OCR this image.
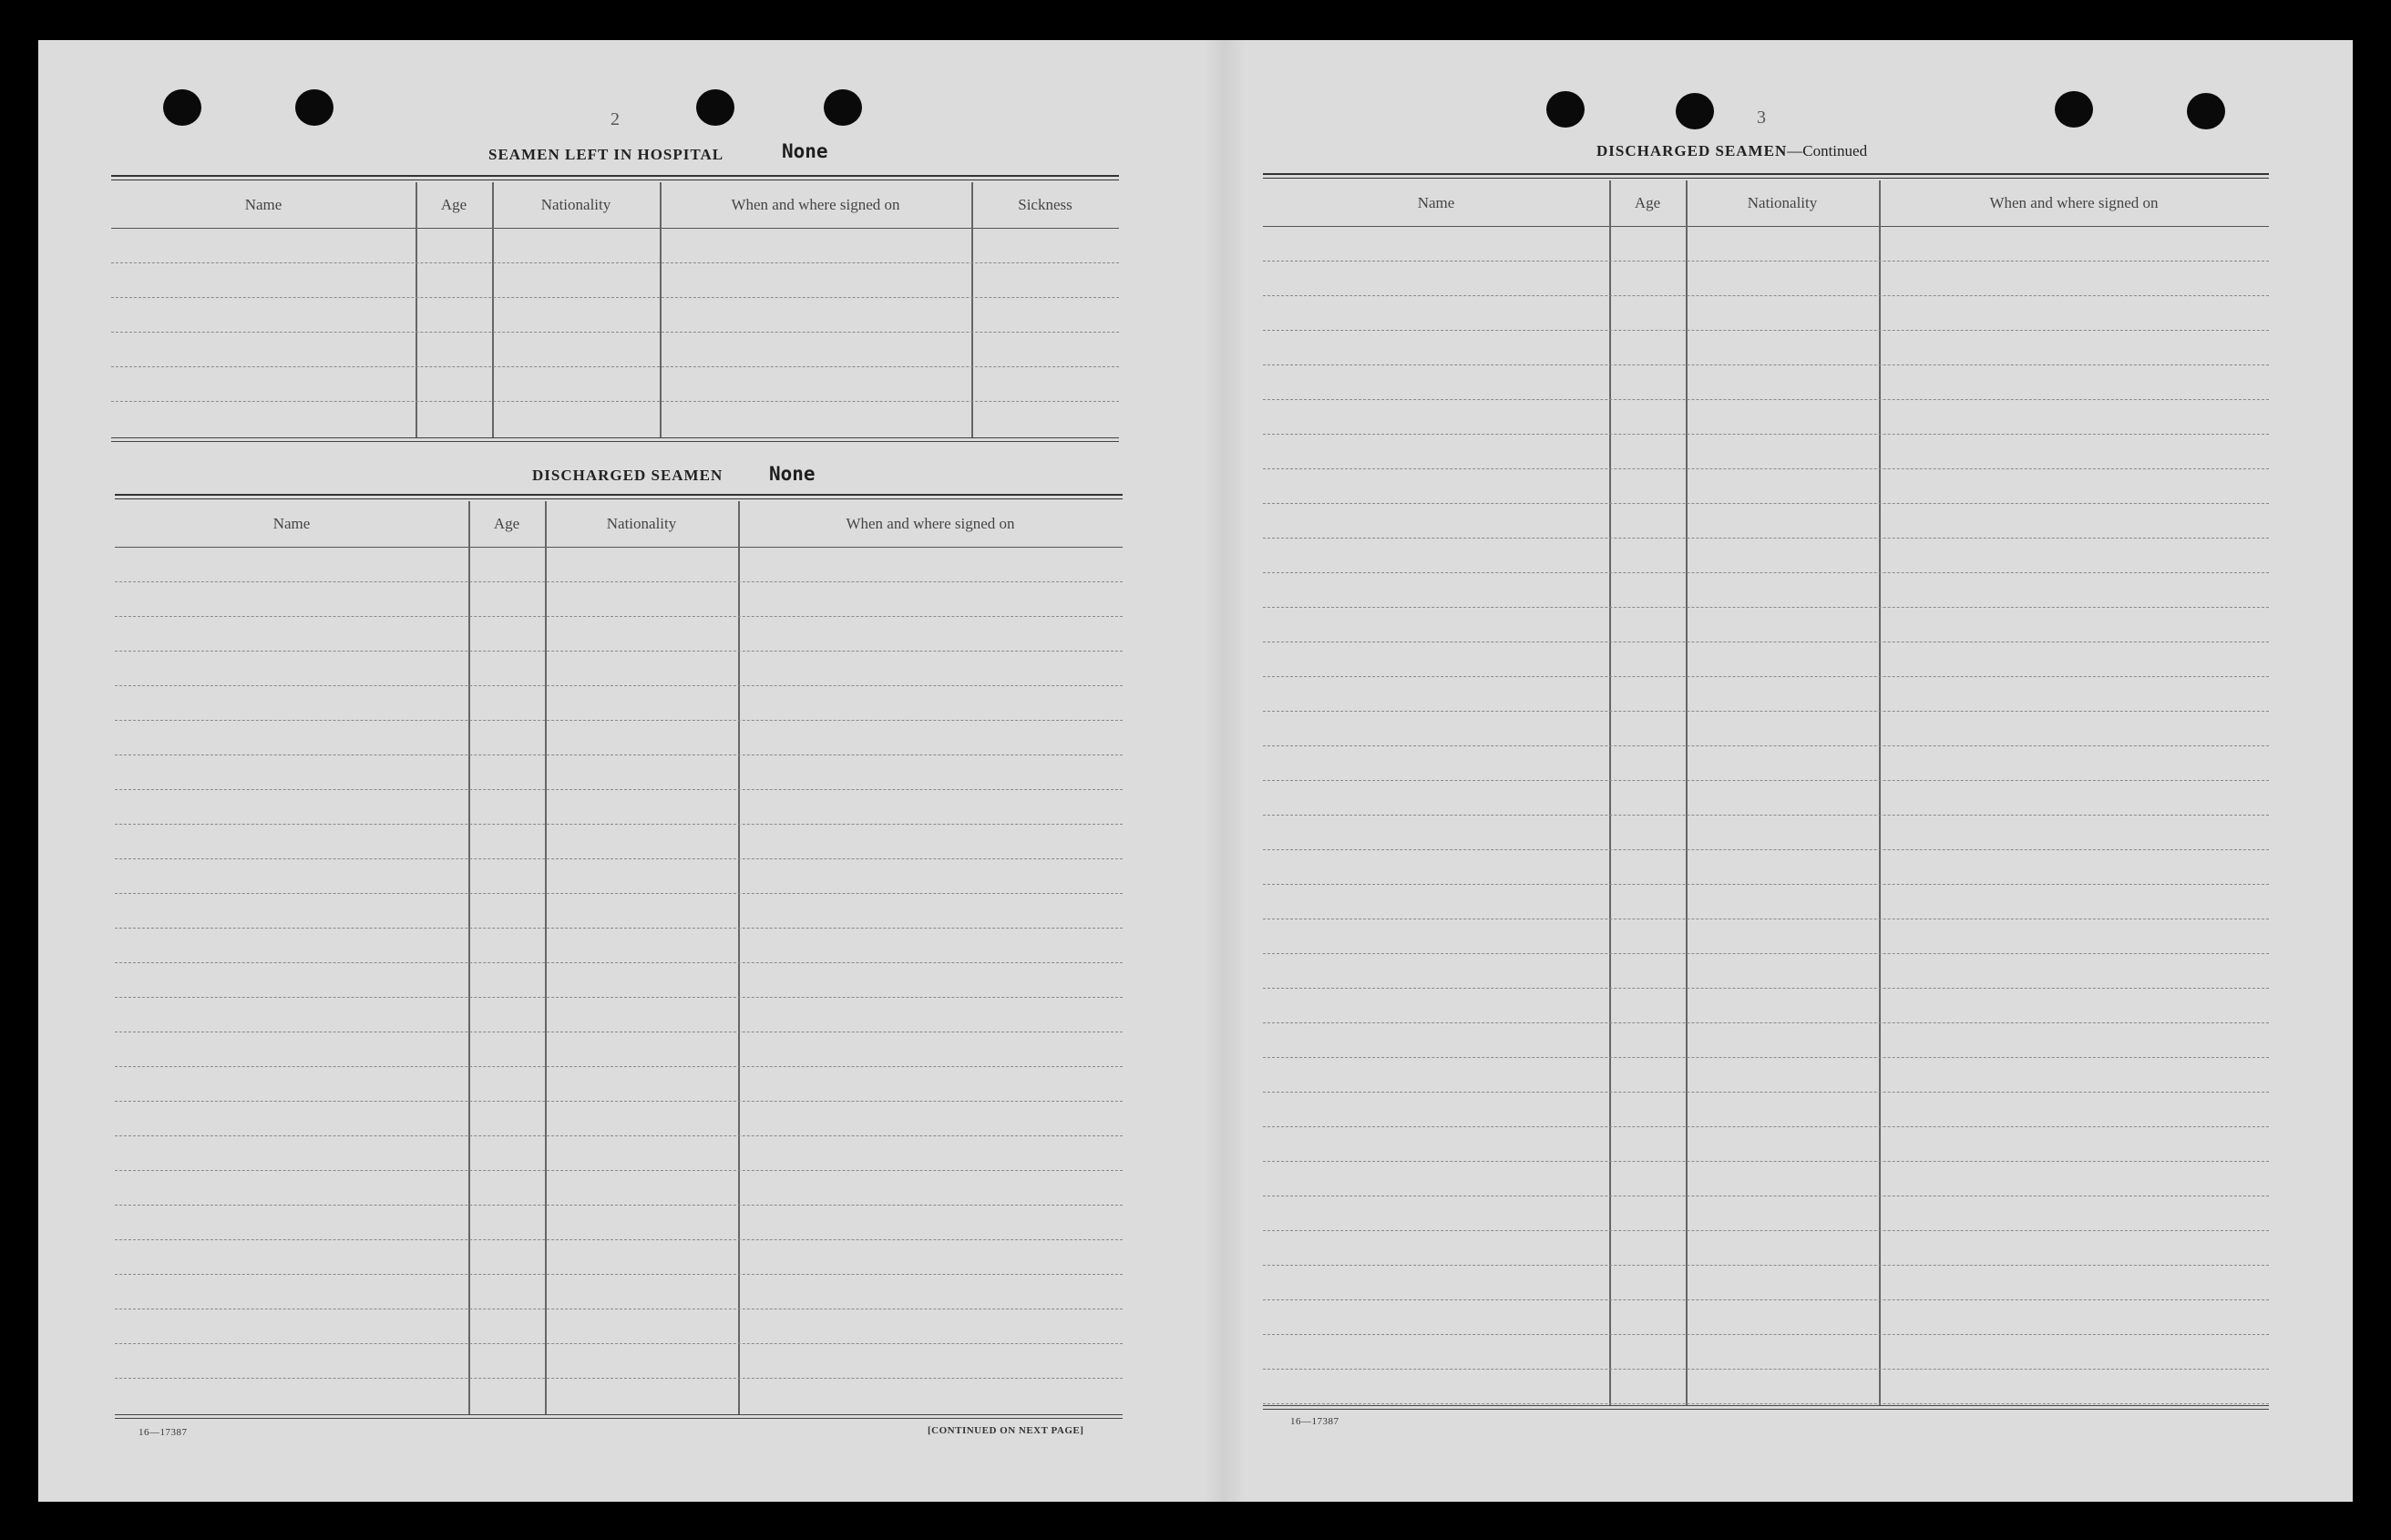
2
SEAMEN LEFT IN HOSPITAL	None
Name	Age	Nationality	When and where signed on	Sickness
DISCHARGED SEAMEN None
Name	Age	Nationality	When and where signed on
16—17387	[CONTINUED ON NEXT PAGE]
3
DISCHARGED SEAMEN—Continued
Name	Age	Nationality	When and where signed on
16—17387
